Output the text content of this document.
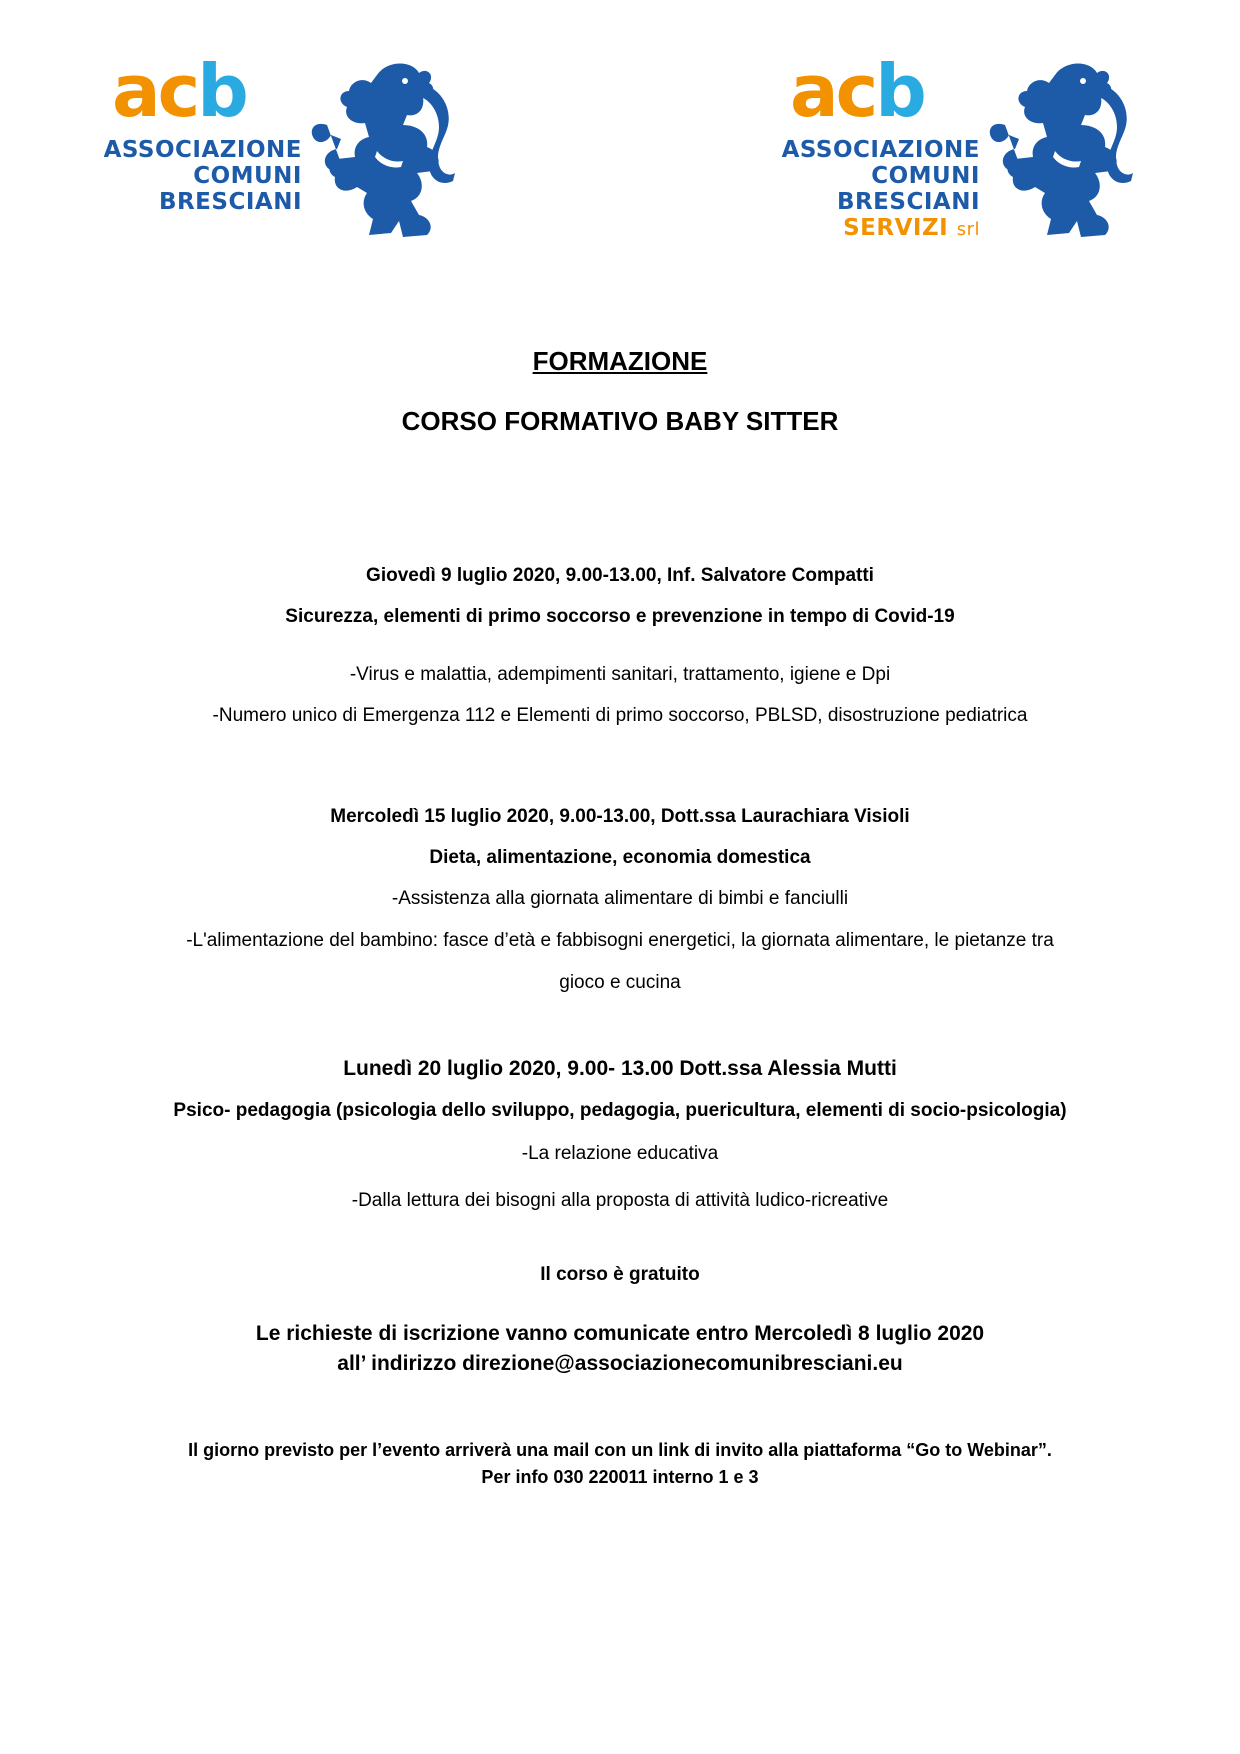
acb
ASSOCIAZIONE
COMUNI
BRESCIANI
acb
ASSOCIAZIONE
COMUNI
BRESCIANI
SERVIZI srl
FORMAZIONE
CORSO FORMATIVO BABY SITTER
Giovedì 9 luglio 2020, 9.00-13.00, Inf. Salvatore Compatti
Sicurezza, elementi di primo soccorso e prevenzione in tempo di Covid-19
-Virus e malattia, adempimenti sanitari, trattamento, igiene e Dpi
-Numero unico di Emergenza 112 e Elementi di primo soccorso, PBLSD, disostruzione pediatrica
Mercoledì 15 luglio 2020, 9.00-13.00, Dott.ssa Laurachiara Visioli
Dieta, alimentazione, economia domestica
-Assistenza alla giornata alimentare di bimbi e fanciulli
-L'alimentazione del bambino: fasce d’età e fabbisogni energetici, la giornata alimentare, le pietanze tra
gioco e cucina
Lunedì 20 luglio 2020, 9.00- 13.00 Dott.ssa Alessia Mutti
Psico- pedagogia (psicologia dello sviluppo, pedagogia, puericultura, elementi di socio-psicologia)
-La relazione educativa
-Dalla lettura dei bisogni alla proposta di attività ludico-ricreative
Il corso è gratuito
Le richieste di iscrizione vanno comunicate entro Mercoledì 8 luglio 2020
all’ indirizzo direzione@associazionecomunibresciani.eu
Il giorno previsto per l’evento arriverà una mail con un link di invito alla piattaforma “Go to Webinar”.
Per info 030 220011 interno 1 e 3
